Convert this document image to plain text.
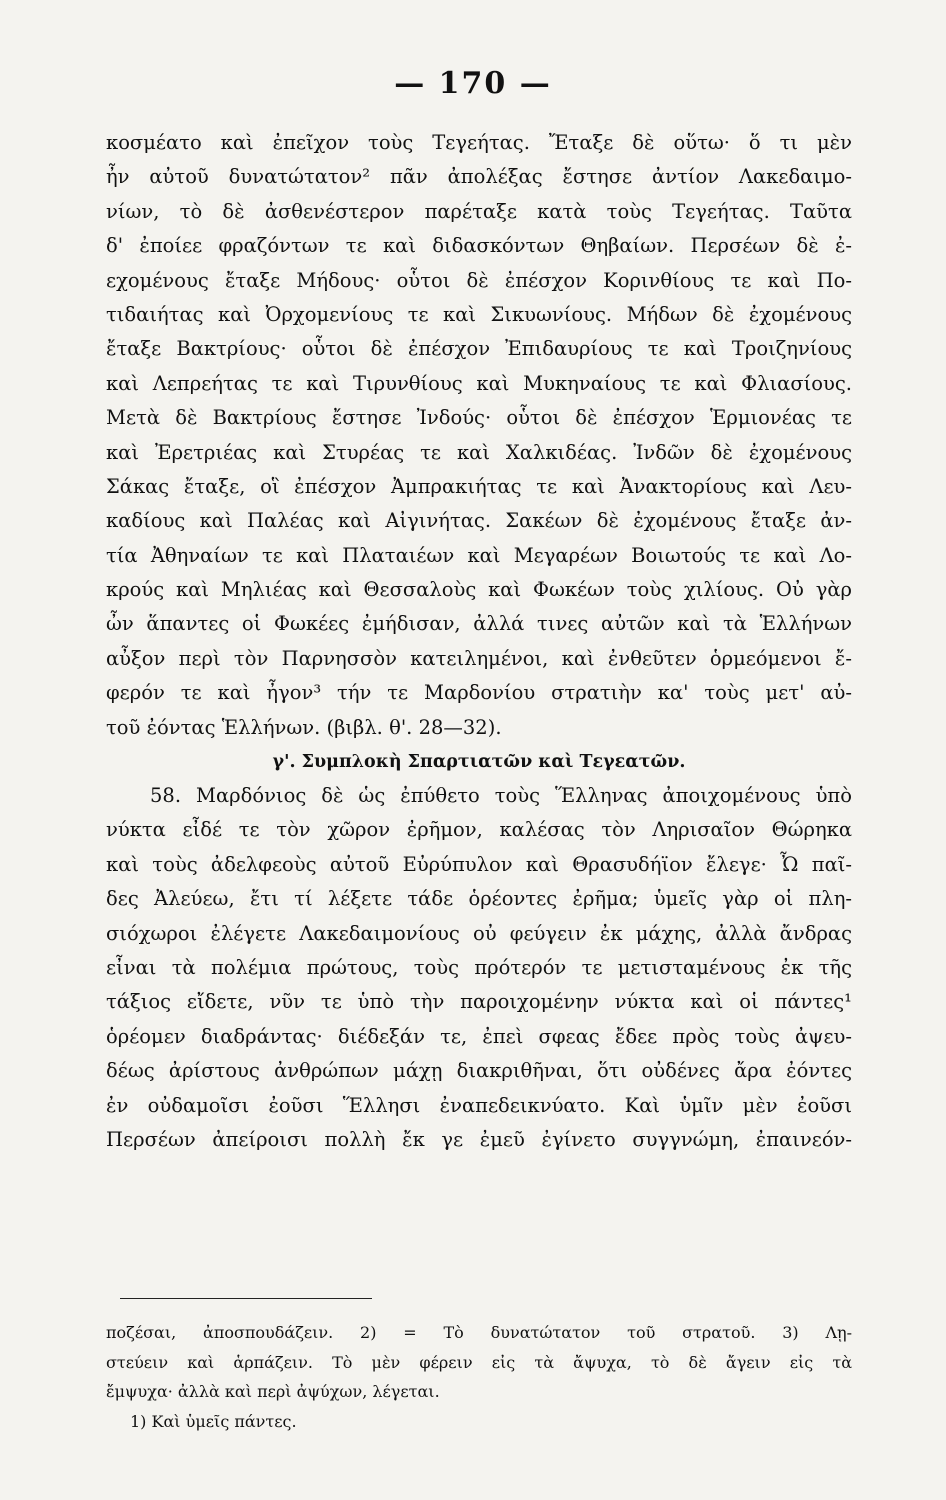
— 170 —
κοσμέατο καὶ ἐπεῖχον τοὺς Τεγεήτας. Ἔταξε δὲ οὕτω· ὅ τι μὲν
ἦν αὐτοῦ δυνατώτατον² πᾶν ἀπολέξας ἔστησε ἀντίον Λακεδαιμο-
νίων, τὸ δὲ ἀσθενέστερον παρέταξε κατὰ τοὺς Τεγεήτας. Ταῦτα
δ' ἐποίεε φραζόντων τε καὶ διδασκόντων Θηβαίων. Περσέων δὲ ἐ-
εχομένους ἔταξε Μήδους· οὗτοι δὲ ἐπέσχον Κορινθίους τε καὶ Πο-
τιδαιήτας καὶ Ὀρχομενίους τε καὶ Σικυωνίους. Μήδων δὲ ἐχομένους
ἔταξε Βακτρίους· οὗτοι δὲ ἐπέσχον Ἐπιδαυρίους τε καὶ Τροιζηνίους
καὶ Λεπρεήτας τε καὶ Τιρυνθίους καὶ Μυκηναίους τε καὶ Φλιασίους.
Μετὰ δὲ Βακτρίους ἔστησε Ἰνδούς· οὗτοι δὲ ἐπέσχον Ἑρμιονέας τε
καὶ Ἐρετριέας καὶ Στυρέας τε καὶ Χαλκιδέας. Ἰνδῶν δὲ ἐχομένους
Σάκας ἔταξε, οἳ ἐπέσχον Ἀμπρακιήτας τε καὶ Ἀνακτορίους καὶ Λευ-
καδίους καὶ Παλέας καὶ Αἰγινήτας. Σακέων δὲ ἐχομένους ἔταξε ἀν-
τία Ἀθηναίων τε καὶ Πλαταιέων καὶ Μεγαρέων Βοιωτούς τε καὶ Λο-
κρούς καὶ Μηλιέας καὶ Θεσσαλοὺς καὶ Φωκέων τοὺς χιλίους. Οὐ γὰρ
ὦν ἅπαντες οἱ Φωκέες ἐμήδισαν, ἀλλά τινες αὐτῶν καὶ τὰ Ἑλλήνων
αὖξον περὶ τὸν Παρνησσὸν κατειλημένοι, καὶ ἐνθεῦτεν ὁρμεόμενοι ἔ-
φερόν τε καὶ ἦγον³ τήν τε Μαρδονίου στρατιὴν κα' τοὺς μετ' αὐ-
τοῦ ἐόντας Ἑλλήνων. (βιβλ. θ'. 28—32).
γ'. Συμπλοκὴ Σπαρτιατῶν καὶ Τεγεατῶν.
58. Μαρδόνιος δὲ ὡς ἐπύθετο τοὺς Ἕλληνας ἀποιχομένους ὑπὸ
νύκτα εἶδέ τε τὸν χῶρον ἐρῆμον, καλέσας τὸν Ληρισαῖον Θώρηκα
καὶ τοὺς ἀδελφεοὺς αὐτοῦ Εὐρύπυλον καὶ Θρασυδήϊον ἔλεγε· Ὦ παῖ-
δες Ἀλεύεω, ἔτι τί λέξετε τάδε ὁρέοντες ἐρῆμα; ὑμεῖς γὰρ οἱ πλη-
σιόχωροι ἐλέγετε Λακεδαιμονίους οὐ φεύγειν ἐκ μάχης, ἀλλὰ ἄνδρας
εἶναι τὰ πολέμια πρώτους, τοὺς πρότερόν τε μετισταμένους ἐκ τῆς
τάξιος εἴδετε, νῦν τε ὑπὸ τὴν παροιχομένην νύκτα καὶ οἱ πάντες¹
ὁρέομεν διαδράντας· διέδεξάν τε, ἐπεὶ σφεας ἔδεε πρὸς τοὺς ἀψευ-
δέως ἀρίστους ἀνθρώπων μάχῃ διακριθῆναι, ὅτι οὐδένες ἄρα ἐόντες
ἐν οὐδαμοῖσι ἐοῦσι Ἕλλησι ἐναπεδεικνύατο. Καὶ ὑμῖν μὲν ἐοῦσι
Περσέων ἀπείροισι πολλὴ ἔκ γε ἐμεῦ ἐγίνετο συγγνώμη, ἐπαινεόν-
ποζέσαι, ἀποσπουδάζειν. 2) = Τὸ δυνατώτατον τοῦ στρατοῦ. 3) Λῃ-
στεύειν καὶ ἁρπάζειν. Τὸ μὲν φέρειν εἰς τὰ ἄψυχα, τὸ δὲ ἄγειν εἰς τὰ
ἔμψυχα· ἀλλὰ καὶ περὶ ἀψύχων, λέγεται.
1) Καὶ ὑμεῖς πάντες.
